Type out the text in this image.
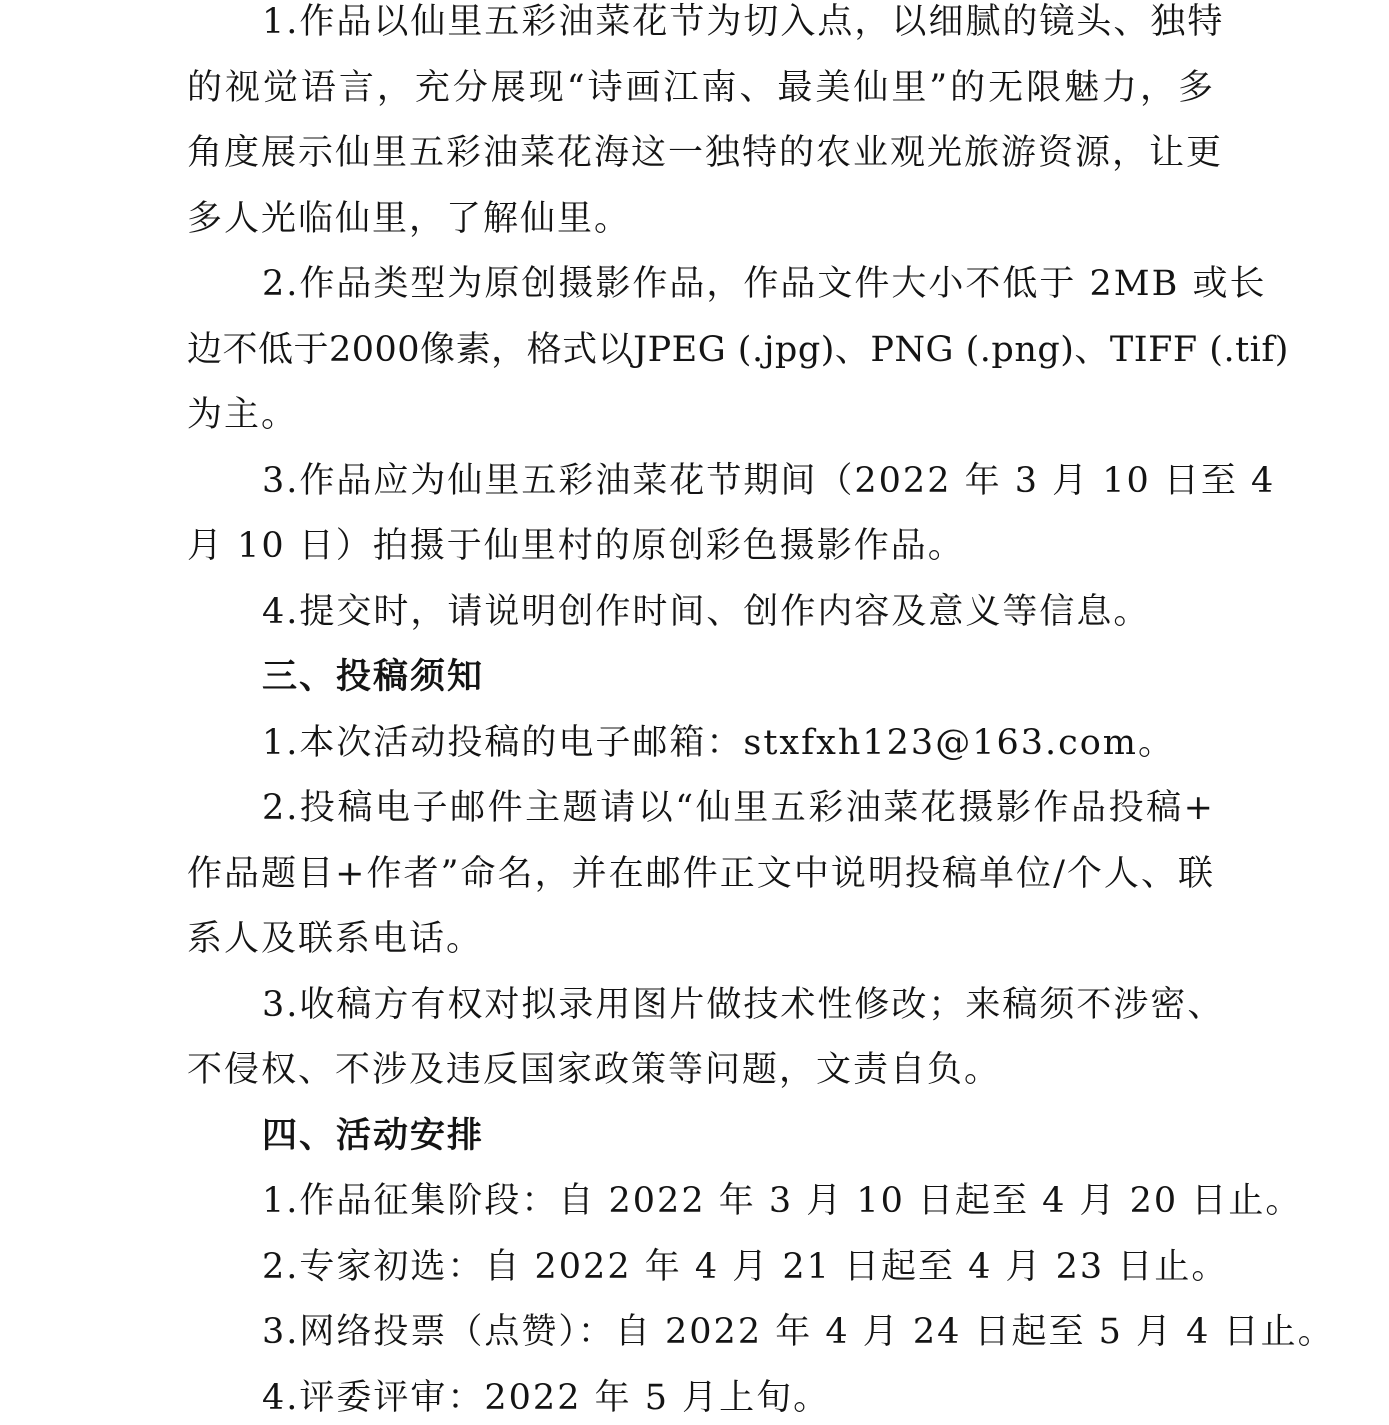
1.作品以仙里五彩油菜花节为切入点，以细腻的镜头、独特
的视觉语言，充分展现“诗画江南、最美仙里”的无限魅力，多
角度展示仙里五彩油菜花海这一独特的农业观光旅游资源，让更
多人光临仙里，了解仙里。
2.作品类型为原创摄影作品，作品文件大小不低于 2MB 或长
边不低于2000像素，格式以JPEG (.jpg)、PNG (.png)、TIFF (.tif)
为主。
3.作品应为仙里五彩油菜花节期间（2022 年 3 月 10 日至 4
月 10 日）拍摄于仙里村的原创彩色摄影作品。
4.提交时，请说明创作时间、创作内容及意义等信息。
三、投稿须知
1.本次活动投稿的电子邮箱：stxfxh123@163.com。
2.投稿电子邮件主题请以“仙里五彩油菜花摄影作品投稿+
作品题目+作者”命名，并在邮件正文中说明投稿单位/个人、联
系人及联系电话。
3.收稿方有权对拟录用图片做技术性修改；来稿须不涉密、
不侵权、不涉及违反国家政策等问题，文责自负。
四、活动安排
1.作品征集阶段：自 2022 年 3 月 10 日起至 4 月 20 日止。
2.专家初选：自 2022 年 4 月 21 日起至 4 月 23 日止。
3.网络投票（点赞）：自 2022 年 4 月 24 日起至 5 月 4 日止。
4.评委评审：2022 年 5 月上旬。
